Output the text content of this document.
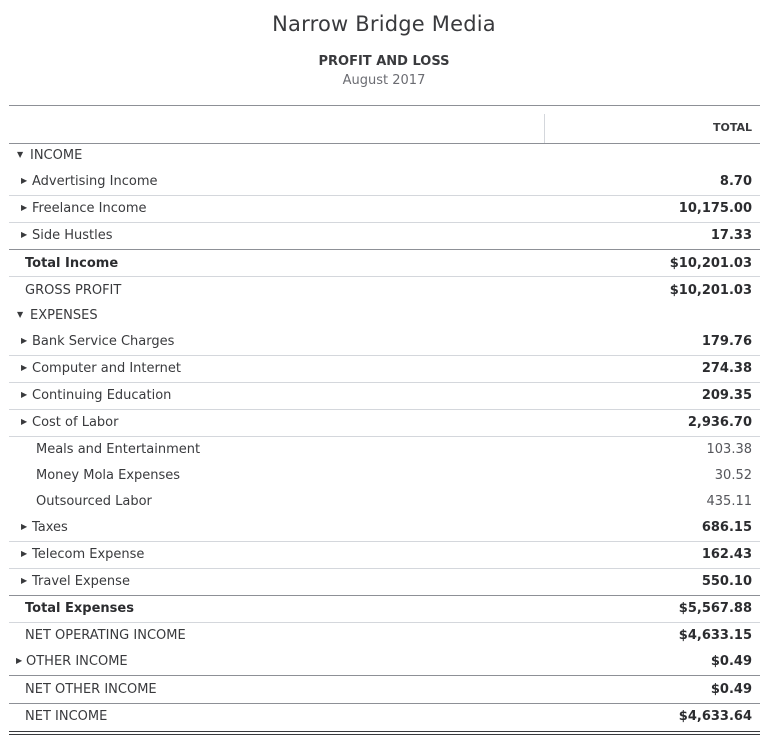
Narrow Bridge Media
PROFIT AND LOSS
August 2017
TOTAL
▼ INCOME
▶ Advertising Income	8.70
▶ Freelance Income	10,175.00
▶ Side Hustles	17.33
Total Income	$10,201.03
GROSS PROFIT	$10,201.03
▼ EXPENSES
▶ Bank Service Charges	179.76
▶ Computer and Internet	274.38
▶ Continuing Education	209.35
▶ Cost of Labor	2,936.70
Meals and Entertainment	103.38
Money Mola Expenses	30.52
Outsourced Labor	435.11
▶ Taxes	686.15
▶ Telecom Expense	162.43
▶ Travel Expense	550.10
Total Expenses	$5,567.88
NET OPERATING INCOME	$4,633.15
▶ OTHER INCOME	$0.49
NET OTHER INCOME	$0.49
NET INCOME	$4,633.64
